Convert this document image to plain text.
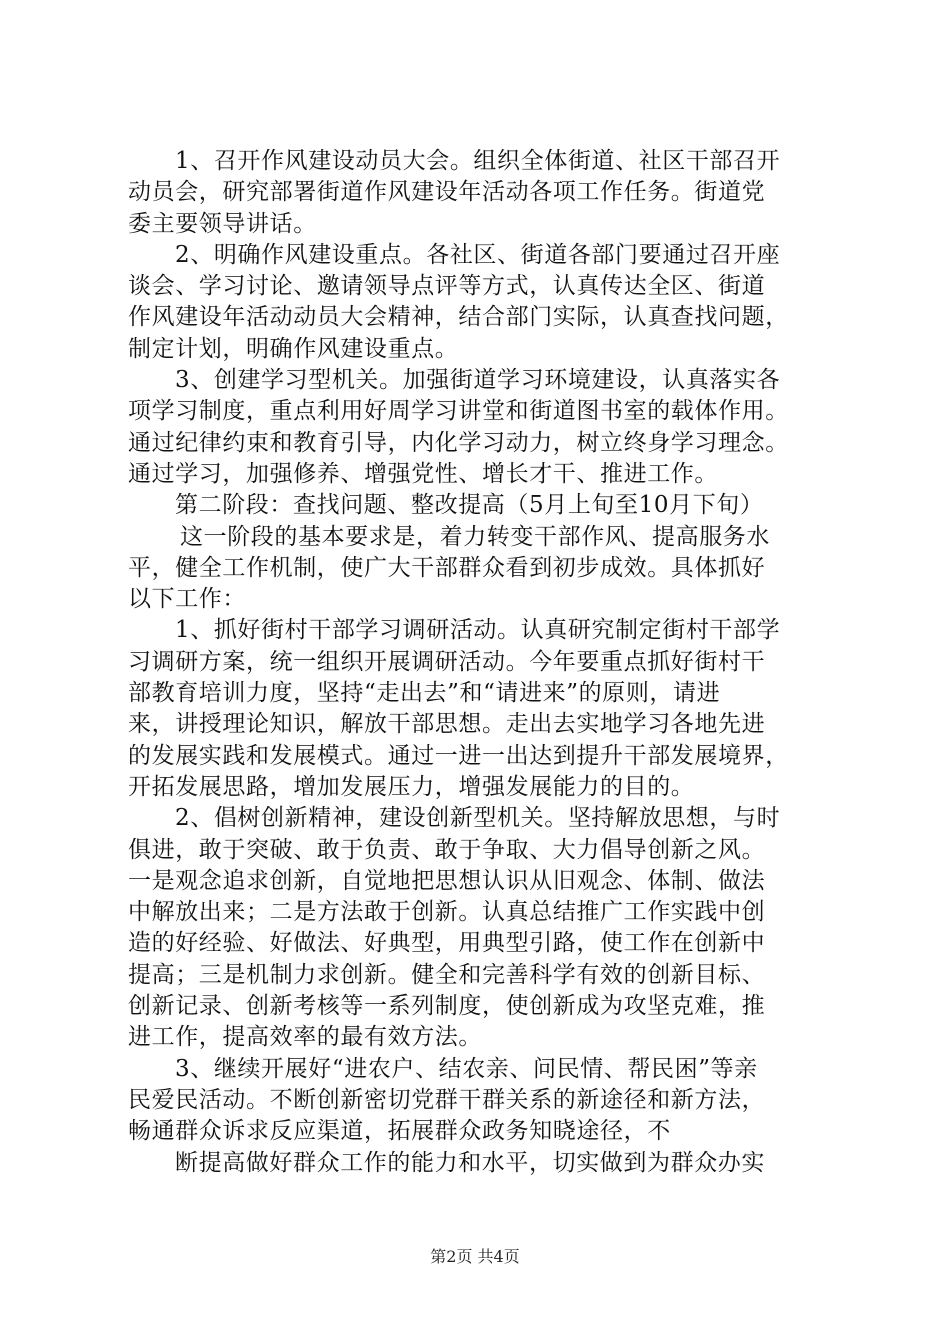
1、召开作风建设动员大会。组织全体街道、社区干部召开
动员会，研究部署街道作风建设年活动各项工作任务。街道党
委主要领导讲话。
2、明确作风建设重点。各社区、街道各部门要通过召开座
谈会、学习讨论、邀请领导点评等方式，认真传达全区、街道
作风建设年活动动员大会精神，结合部门实际，认真查找问题，
制定计划，明确作风建设重点。
3、创建学习型机关。加强街道学习环境建设，认真落实各
项学习制度，重点利用好周学习讲堂和街道图书室的载体作用。
通过纪律约束和教育引导，内化学习动力，树立终身学习理念。
通过学习，加强修养、增强党性、增长才干、推进工作。
第二阶段：查找问题、整改提高（5月上旬至10月下旬）
这一阶段的基本要求是，着力转变干部作风、提高服务水
平，健全工作机制，使广大干部群众看到初步成效。具体抓好
以下工作：
1、抓好街村干部学习调研活动。认真研究制定街村干部学
习调研方案，统一组织开展调研活动。今年要重点抓好街村干
部教育培训力度，坚持“走出去”和“请进来”的原则，请进
来，讲授理论知识，解放干部思想。走出去实地学习各地先进
的发展实践和发展模式。通过一进一出达到提升干部发展境界，
开拓发展思路，增加发展压力，增强发展能力的目的。
2、倡树创新精神，建设创新型机关。坚持解放思想，与时
俱进，敢于突破、敢于负责、敢于争取、大力倡导创新之风。
一是观念追求创新，自觉地把思想认识从旧观念、体制、做法
中解放出来；二是方法敢于创新。认真总结推广工作实践中创
造的好经验、好做法、好典型，用典型引路，使工作在创新中
提高；三是机制力求创新。健全和完善科学有效的创新目标、
创新记录、创新考核等一系列制度，使创新成为攻坚克难，推
进工作，提高效率的最有效方法。
3、继续开展好“进农户、结农亲、问民情、帮民困”等亲
民爱民活动。不断创新密切党群干群关系的新途径和新方法，
畅通群众诉求反应渠道，拓展群众政务知晓途径，不
断提高做好群众工作的能力和水平，切实做到为群众办实
第2页 共4页
